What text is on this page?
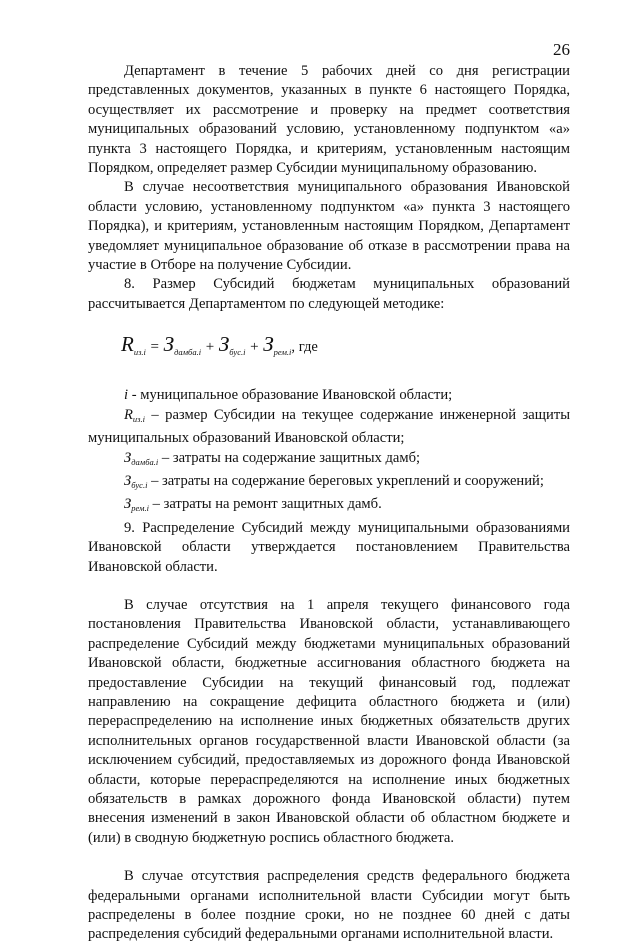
26

Департамент в течение 5 рабочих дней со дня регистрации представленных документов, указанных в пункте 6 настоящего Порядка, осуществляет их рассмотрение и проверку на предмет соответствия муниципальных образований условию, установленному подпунктом «а» пункта 3 настоящего Порядка, и критериям, установленным настоящим Порядком, определяет размер Субсидии муниципальному образованию.

В случае несоответствия муниципального образования Ивановской области условию, установленному подпунктом «а» пункта 3 настоящего Порядка), и критериям, установленным настоящим Порядком, Департамент уведомляет муниципальное образование об отказе в рассмотрении права на участие в Отборе на получение Субсидии.

8. Размер Субсидий бюджетам муниципальных образований рассчитывается Департаментом по следующей методике:

$R_{из.i} = З_{дамба.i} + З_{бус.i} + З_{рем.i}$, где

i - муниципальное образование Ивановской области;

$R_{из.i}$ – размер Субсидии на текущее содержание инженерной защиты муниципальных образований Ивановской области;

$З_{дамба.i}$ – затраты на содержание защитных дамб;

$З_{бус.i}$ – затраты на содержание береговых укреплений и сооружений;

$З_{рем.i}$ – затраты на ремонт защитных дамб.

9. Распределение Субсидий между муниципальными образованиями Ивановской области утверждается постановлением Правительства Ивановской области.

В случае отсутствия на 1 апреля текущего финансового года постановления Правительства Ивановской области, устанавливающего распределение Субсидий между бюджетами муниципальных образований Ивановской области, бюджетные ассигнования областного бюджета на предоставление Субсидии на текущий финансовый год, подлежат направлению на сокращение дефицита областного бюджета и (или) перераспределению на исполнение иных бюджетных обязательств других исполнительных органов государственной власти Ивановской области (за исключением субсидий, предоставляемых из дорожного фонда Ивановской области, которые перераспределяются на исполнение иных бюджетных обязательств в рамках дорожного фонда Ивановской области) путем внесения изменений в закон Ивановской области об областном бюджете и (или) в сводную бюджетную роспись областного бюджета.

В случае отсутствия распределения средств федерального бюджета федеральными органами исполнительной власти Субсидии могут быть распределены в более поздние сроки, но не позднее 60 дней с даты распределения субсидий федеральными органами исполнительной власти.
